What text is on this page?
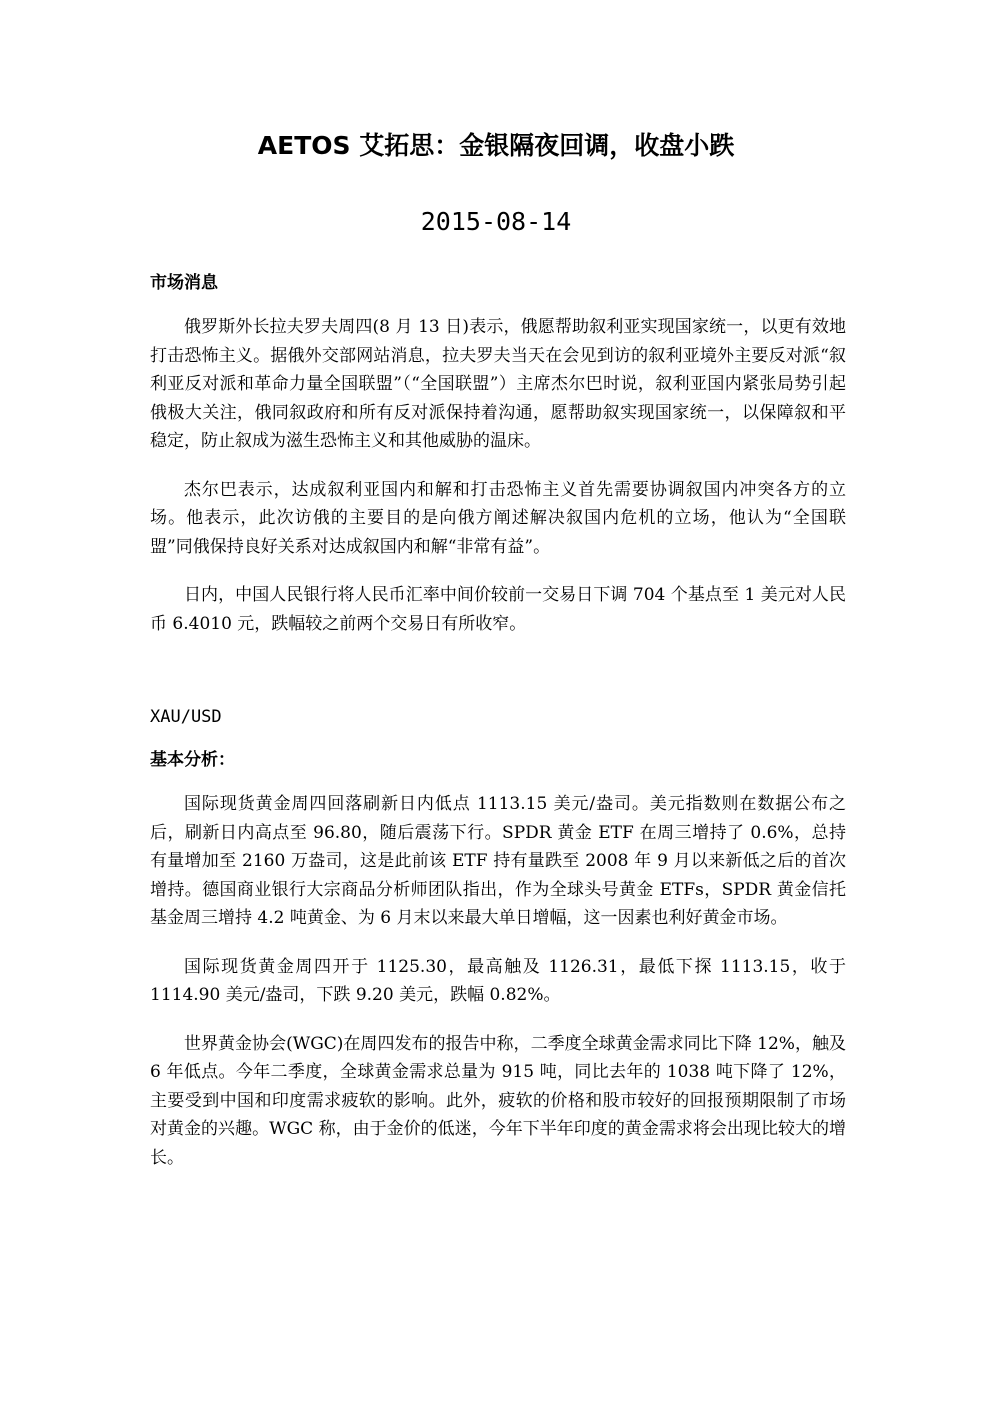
AETOS 艾拓思：金银隔夜回调，收盘小跌
2015-08-14
市场消息

俄罗斯外长拉夫罗夫周四(8 月 13 日)表示，俄愿帮助叙利亚实现国家统一，以更有效地打击恐怖主义。据俄外交部网站消息，拉夫罗夫当天在会见到访的叙利亚境外主要反对派“叙利亚反对派和革命力量全国联盟”（“全国联盟”）主席杰尔巴时说，叙利亚国内紧张局势引起俄极大关注，俄同叙政府和所有反对派保持着沟通，愿帮助叙实现国家统一，以保障叙和平稳定，防止叙成为滋生恐怖主义和其他威胁的温床。

杰尔巴表示，达成叙利亚国内和解和打击恐怖主义首先需要协调叙国内冲突各方的立场。他表示，此次访俄的主要目的是向俄方阐述解决叙国内危机的立场，他认为“全国联盟”同俄保持良好关系对达成叙国内和解“非常有益”。

日内，中国人民银行将人民币汇率中间价较前一交易日下调 704 个基点至 1 美元对人民币 6.4010 元，跌幅较之前两个交易日有所收窄。

XAU/USD
基本分析：

国际现货黄金周四回落刷新日内低点 1113.15 美元/盎司。美元指数则在数据公布之后，刷新日内高点至 96.80，随后震荡下行。SPDR 黄金 ETF 在周三增持了 0.6%，总持有量增加至 2160 万盎司，这是此前该 ETF 持有量跌至 2008 年 9 月以来新低之后的首次增持。德国商业银行大宗商品分析师团队指出，作为全球头号黄金 ETFs，SPDR 黄金信托基金周三增持 4.2 吨黄金、为 6 月末以来最大单日增幅，这一因素也利好黄金市场。

国际现货黄金周四开于 1125.30，最高触及 1126.31，最低下探 1113.15，收于 1114.90 美元/盎司，下跌 9.20 美元，跌幅 0.82%。

世界黄金协会(WGC)在周四发布的报告中称，二季度全球黄金需求同比下降 12%，触及 6 年低点。今年二季度，全球黄金需求总量为 915 吨，同比去年的 1038 吨下降了 12%，主要受到中国和印度需求疲软的影响。此外，疲软的价格和股市较好的回报预期限制了市场对黄金的兴趣。WGC 称，由于金价的低迷，今年下半年印度的黄金需求将会出现比较大的增长。
